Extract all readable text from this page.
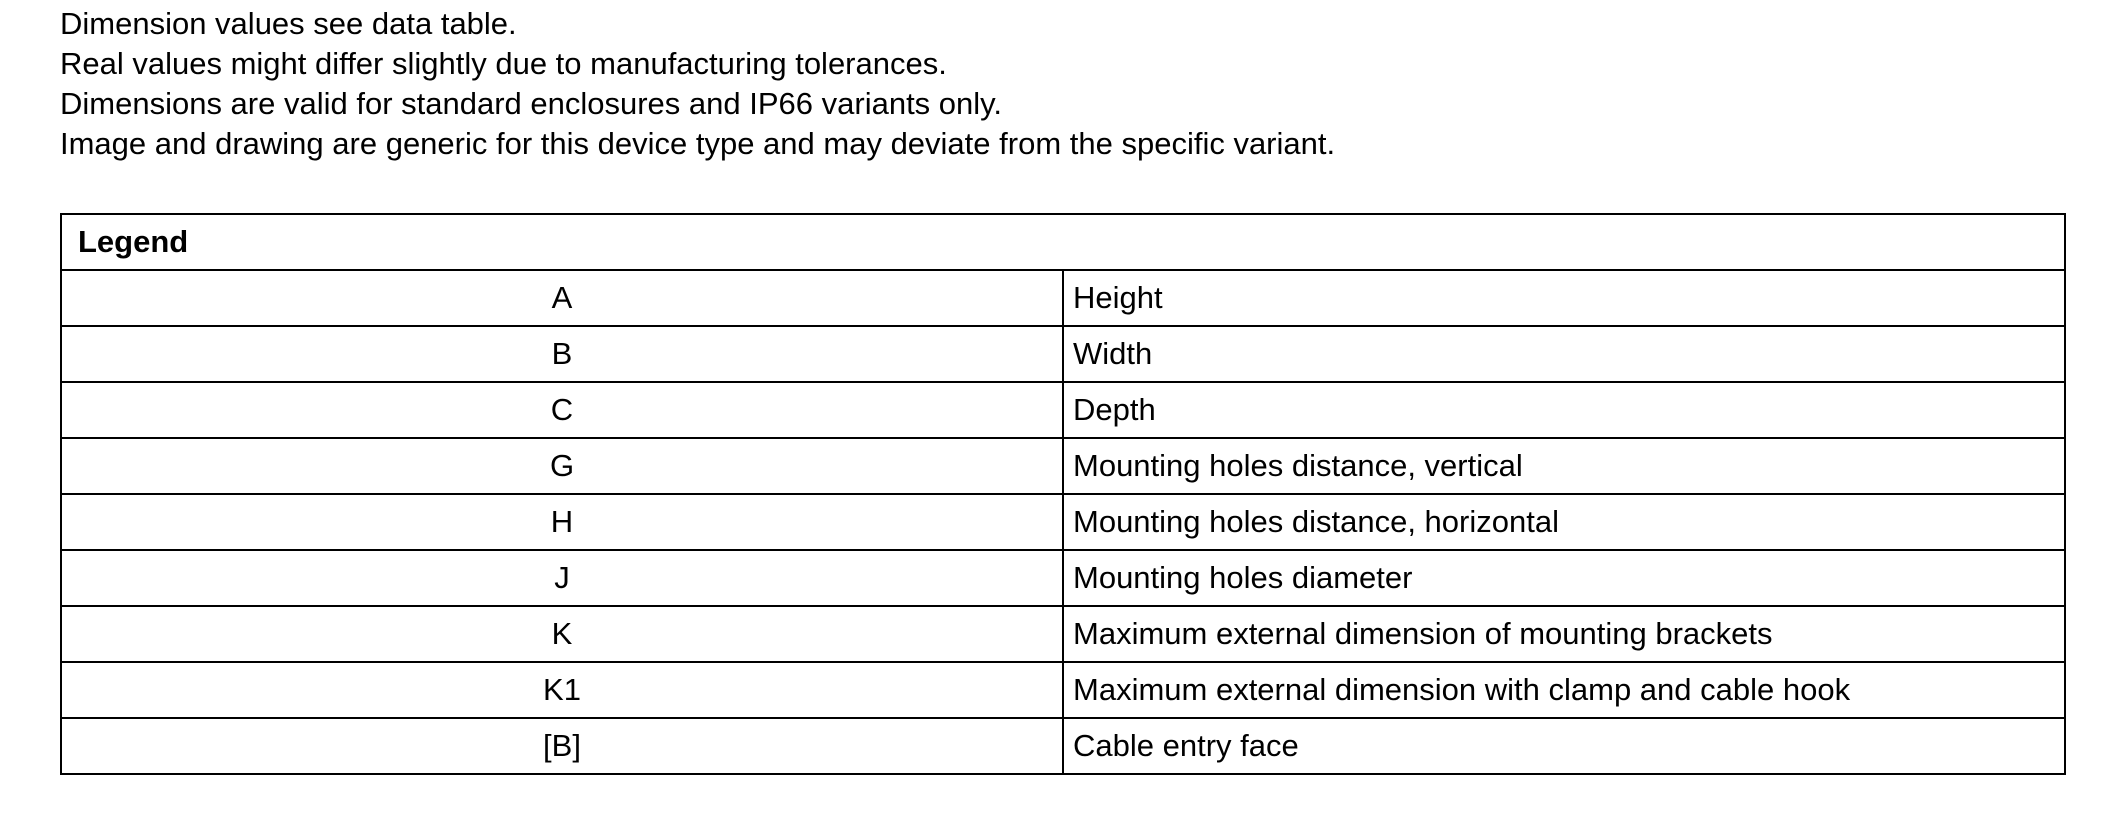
Dimension values see data table.
Real values might differ slightly due to manufacturing tolerances.
Dimensions are valid for standard enclosures and IP66 variants only.
Image and drawing are generic for this device type and may deviate from the specific variant.
Legend	
A	Height
B	Width
C	Depth
G	Mounting holes distance, vertical
H	Mounting holes distance, horizontal
J	Mounting holes diameter
K	Maximum external dimension of mounting brackets
K1	Maximum external dimension with clamp and cable hook
[B]	Cable entry face
